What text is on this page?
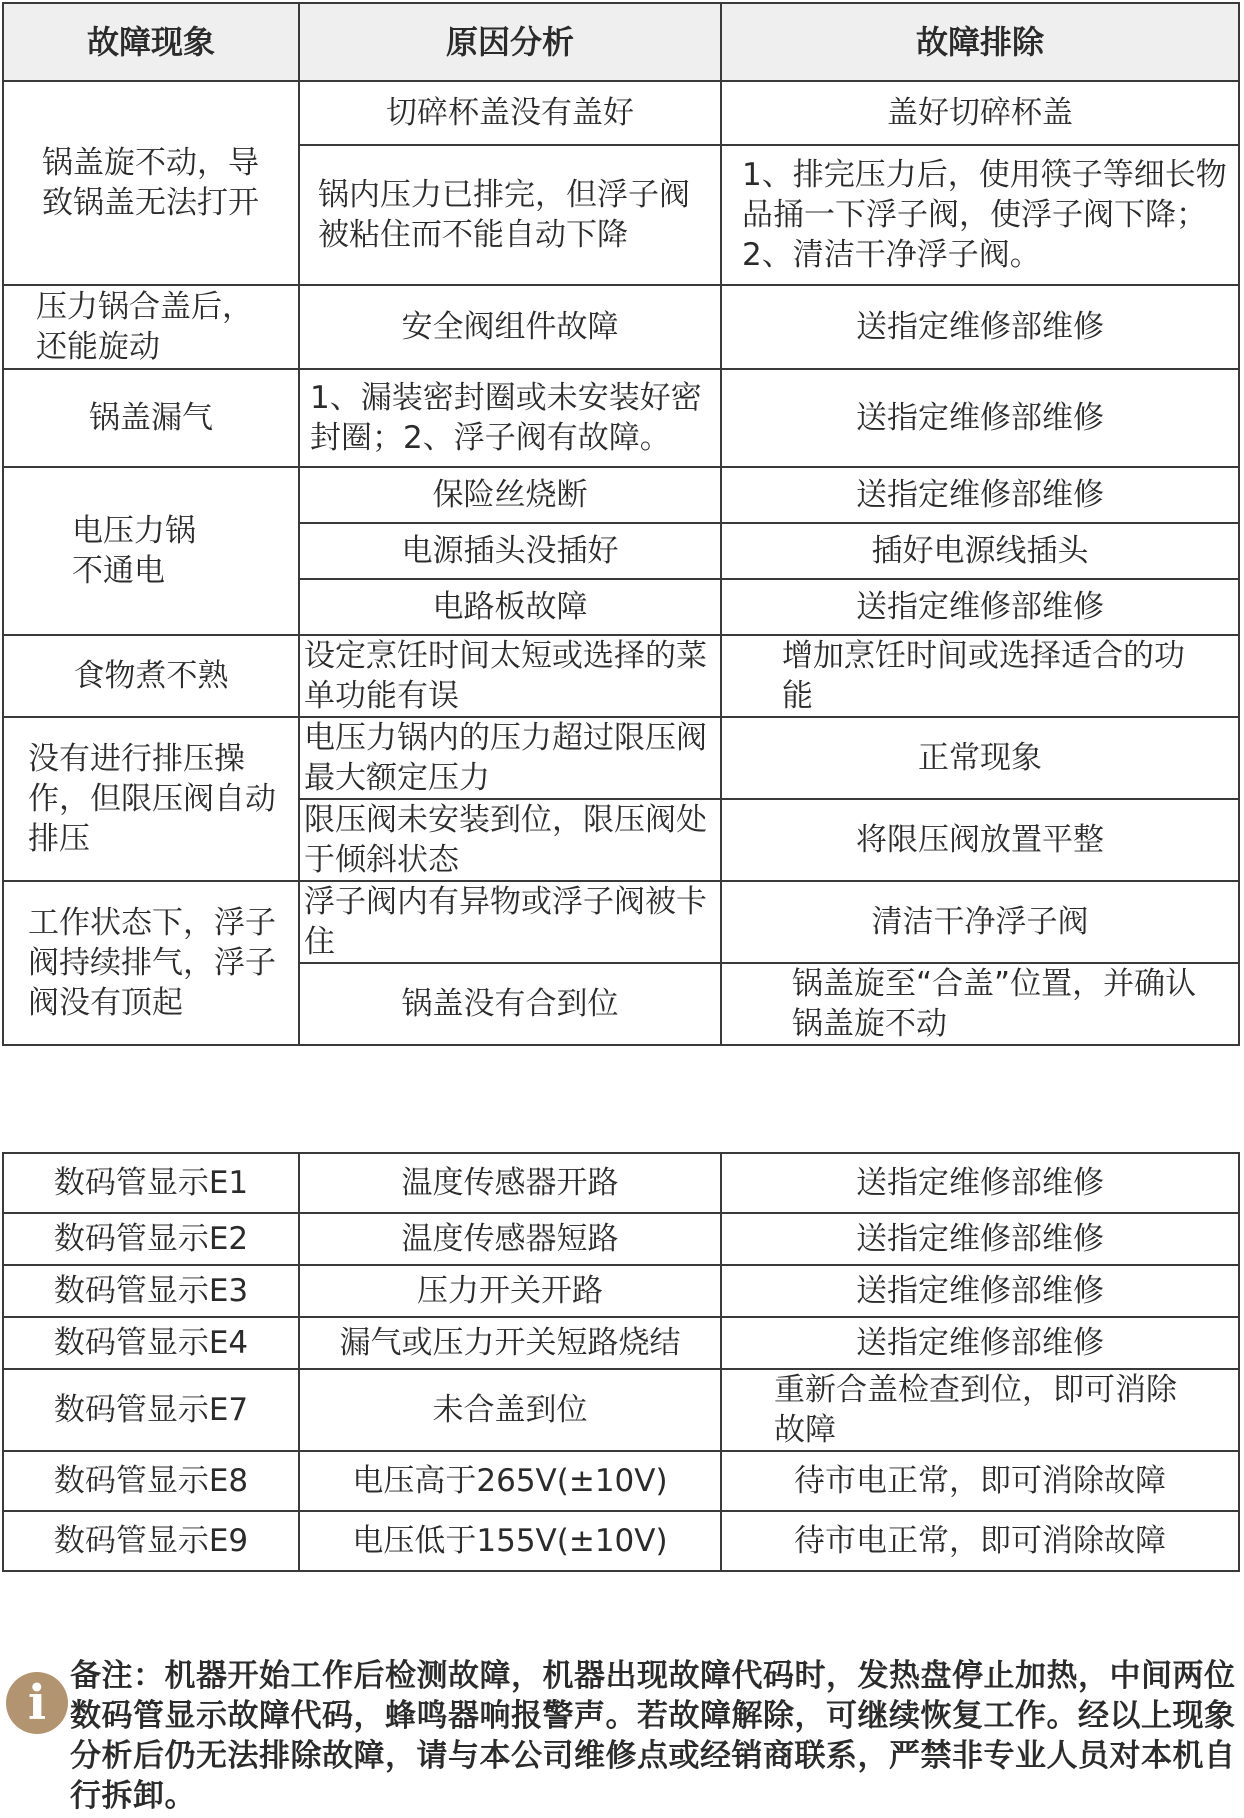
故障现象	原因分析	故障排除
锅盖旋不动，导致锅盖无法打开	切碎杯盖没有盖好	盖好切碎杯盖
	锅内压力已排完，但浮子阀被粘住而不能自动下降	1、排完压力后，使用筷子等细长物品捅一下浮子阀，使浮子阀下降；2、清洁干净浮子阀。
压力锅合盖后，还能旋动	安全阀组件故障	送指定维修部维修
锅盖漏气	1、漏装密封圈或未安装好密封圈；2、浮子阀有故障。	送指定维修部维修
电压力锅不通电	保险丝烧断	送指定维修部维修
	电源插头没插好	插好电源线插头
	电路板故障	送指定维修部维修
食物煮不熟	设定烹饪时间太短或选择的菜单功能有误	增加烹饪时间或选择适合的功能
没有进行排压操作，但限压阀自动排压	电压力锅内的压力超过限压阀最大额定压力	正常现象
	限压阀未安装到位，限压阀处于倾斜状态	将限压阀放置平整
工作状态下，浮子阀持续排气，浮子阀没有顶起	浮子阀内有异物或浮子阀被卡住	清洁干净浮子阀
	锅盖没有合到位	锅盖旋至“合盖”位置，并确认锅盖旋不动
数码管显示E1	温度传感器开路	送指定维修部维修
数码管显示E2	温度传感器短路	送指定维修部维修
数码管显示E3	压力开关开路	送指定维修部维修
数码管显示E4	漏气或压力开关短路烧结	送指定维修部维修
数码管显示E7	未合盖到位	重新合盖检查到位，即可消除故障
数码管显示E8	电压高于265V(±10V)	待市电正常，即可消除故障
数码管显示E9	电压低于155V(±10V)	待市电正常，即可消除故障
i 备注：机器开始工作后检测故障，机器出现故障代码时，发热盘停止加热，中间两位数码管显示故障代码，蜂鸣器响报警声。若故障解除，可继续恢复工作。经以上现象分析后仍无法排除故障，请与本公司维修点或经销商联系，严禁非专业人员对本机自行拆卸。
